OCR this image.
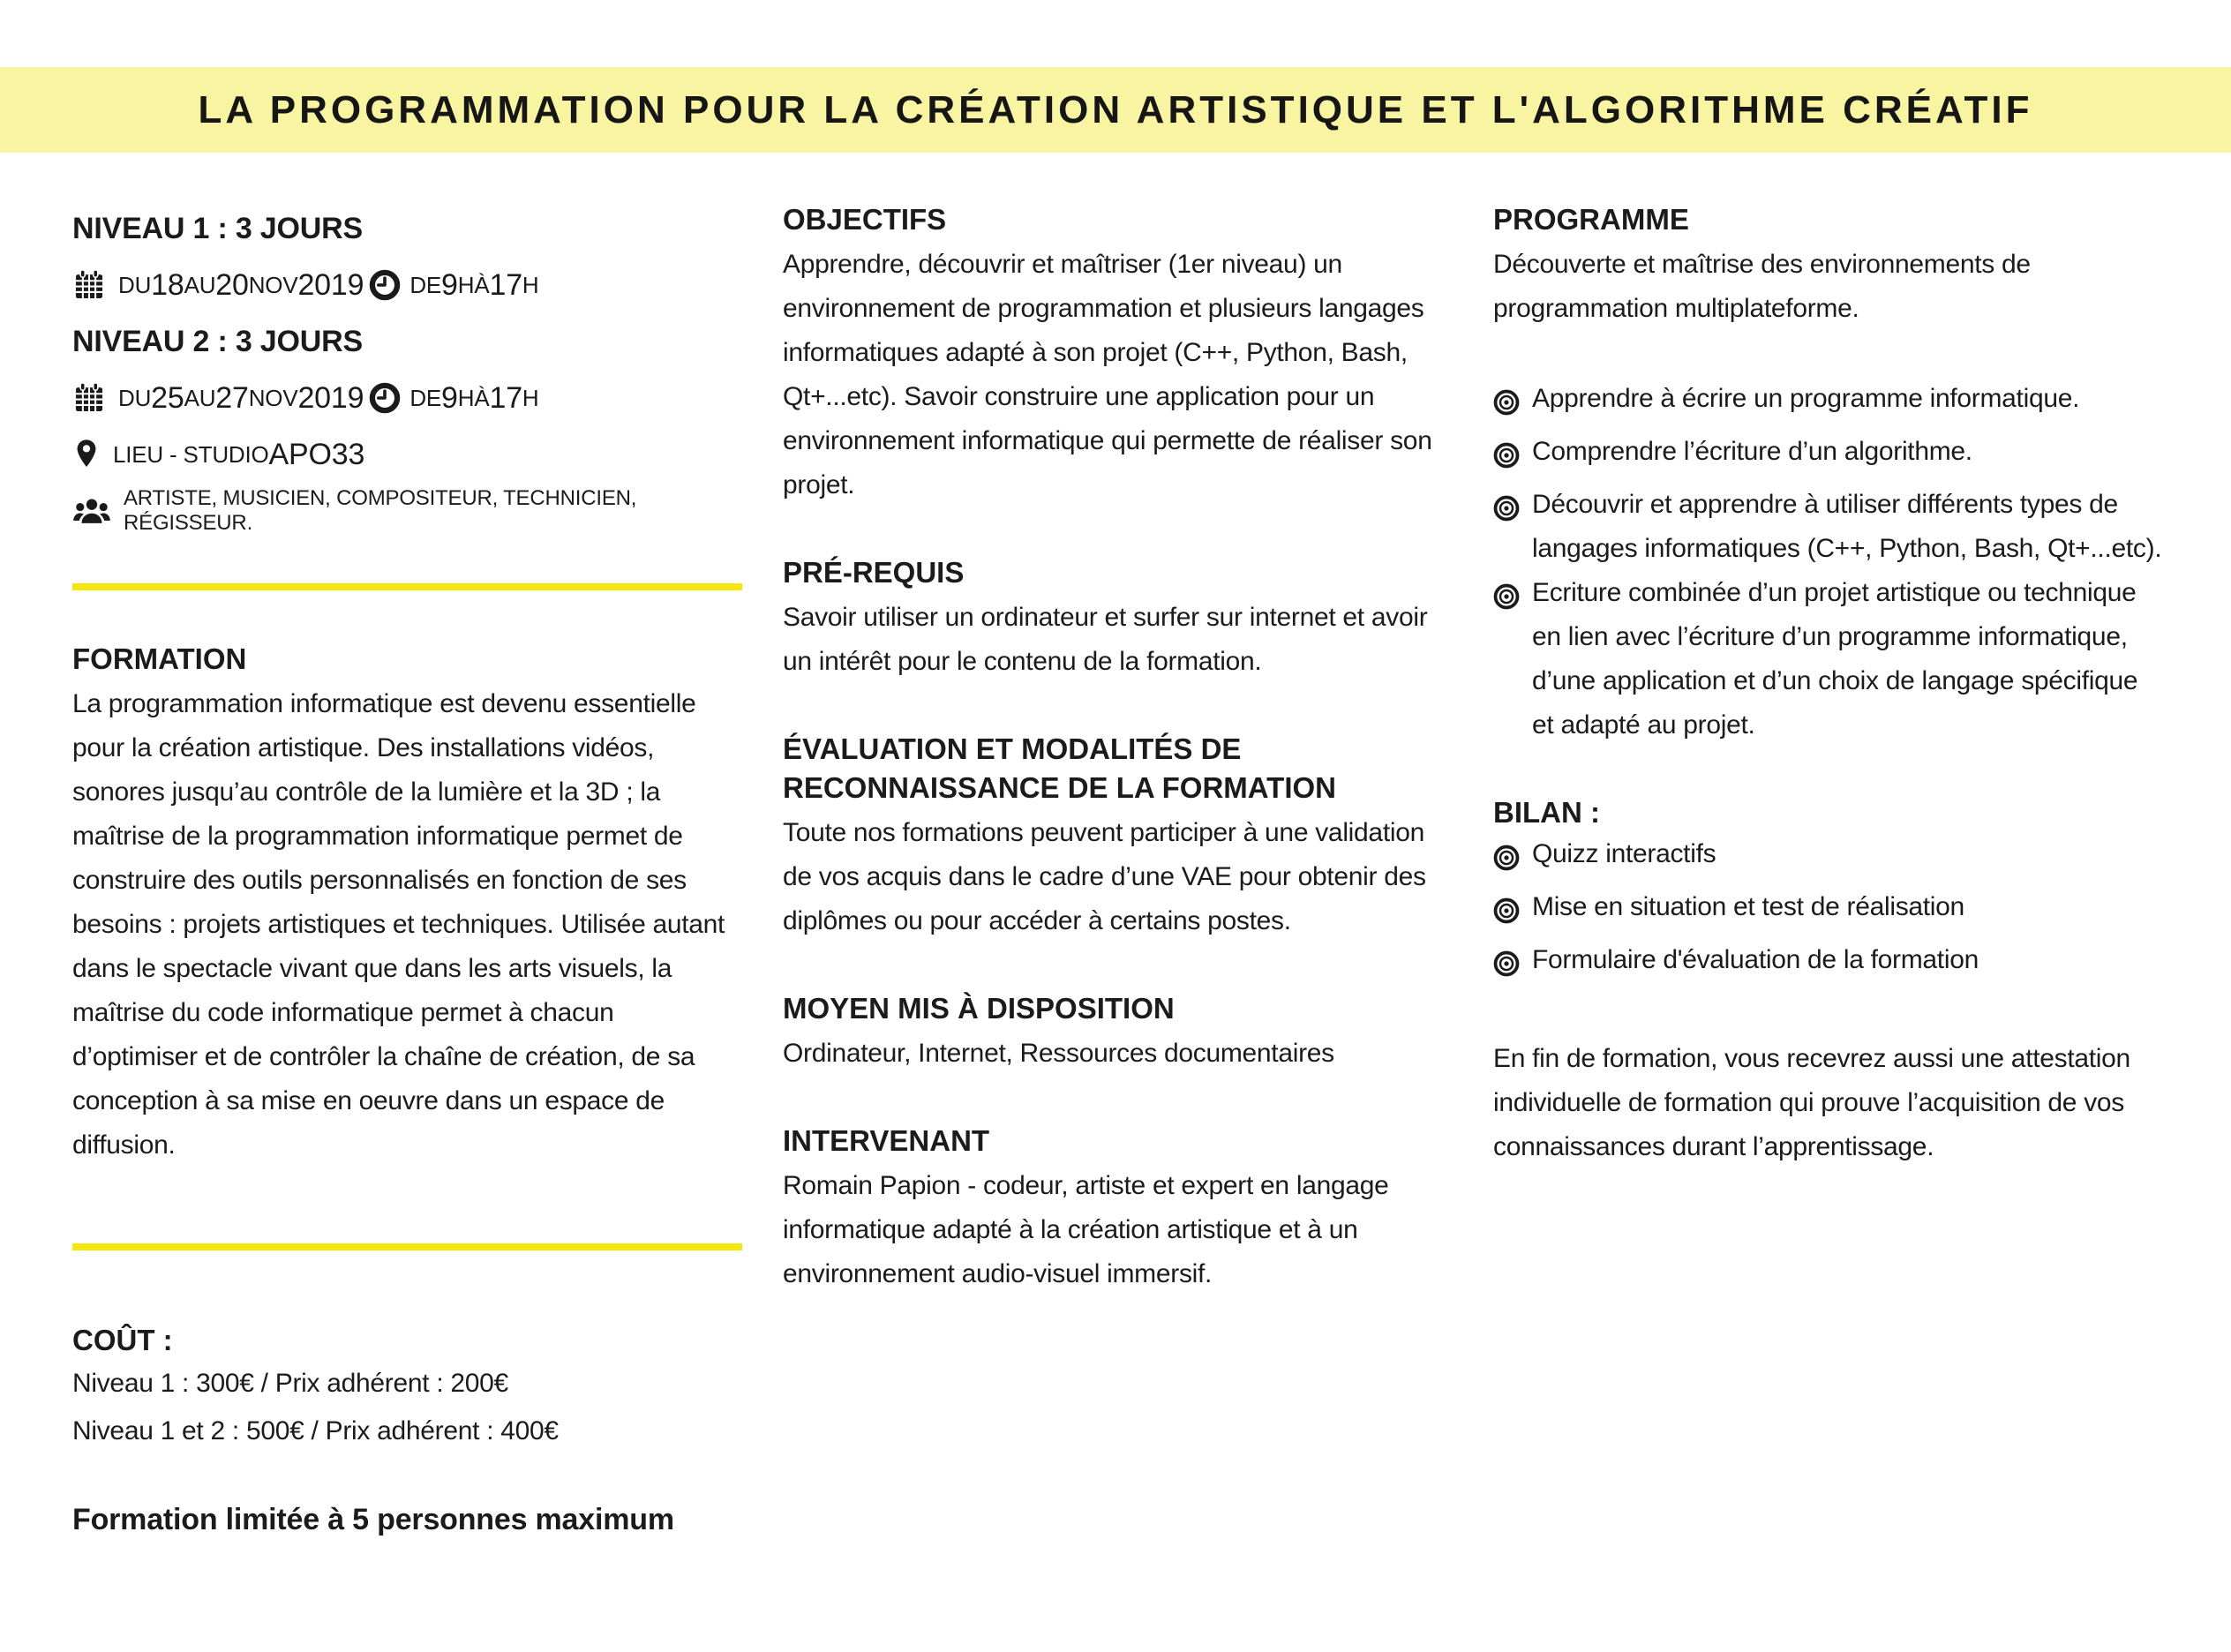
LA PROGRAMMATION POUR LA CRÉATION ARTISTIQUE ET L'ALGORITHME CRÉATIF
NIVEAU 1 : 3 JOURS
DU 18 AU 20 NOV 2019 DE 9 H À 17 H
NIVEAU 2 : 3 JOURS
DU 25 AU 27 NOV 2019 DE 9 H À 17 H
LIEU - STUDIO APO33
ARTISTE, MUSICIEN, COMPOSITEUR, TECHNICIEN, RÉGISSEUR.
FORMATION

La programmation informatique est devenu essentielle pour la création artistique. Des installations vidéos, sonores jusqu’au contrôle de la lumière et la 3D ; la maîtrise de la programmation informatique permet de construire des outils personnalisés en fonction de ses besoins : projets artistiques et techniques. Utilisée autant dans le spectacle vivant que dans les arts visuels, la maîtrise du code informatique permet à chacun d’optimiser et de contrôler la chaîne de création, de sa conception à sa mise en oeuvre dans un espace de diffusion.

COÛT :
Niveau 1 : 300€ / Prix adhérent : 200€
Niveau 1 et 2 : 500€ / Prix adhérent : 400€
Formation limitée à 5 personnes maximum
OBJECTIFS

Apprendre, découvrir et maîtriser (1er niveau) un environnement de programmation et plusieurs langages informatiques adapté à son projet (C++, Python, Bash, Qt+...etc). Savoir construire une application pour un environnement informatique qui permette de réaliser son projet.

PRÉ-REQUIS

Savoir utiliser un ordinateur et surfer sur internet et avoir un intérêt pour le contenu de la formation.

ÉVALUATION ET MODALITÉS DE RECONNAISSANCE DE LA FORMATION

Toute nos formations peuvent participer à une validation de vos acquis dans le cadre d’une VAE pour obtenir des diplômes ou pour accéder à certains postes.

MOYEN MIS À DISPOSITION

Ordinateur, Internet, Ressources documentaires

INTERVENANT

Romain Papion - codeur, artiste et expert en langage informatique adapté à la création artistique et à un environnement audio-visuel immersif.

PROGRAMME

Découverte et maîtrise des environnements de programmation multiplateforme.

Apprendre à écrire un programme informatique.
Comprendre l’écriture d’un algorithme.
Découvrir et apprendre à utiliser différents types de langages informatiques (C++, Python, Bash, Qt+...etc).
Ecriture combinée d’un projet artistique ou technique en lien avec l’écriture d’un programme informatique, d’une application et d’un choix de langage spécifique et adapté au projet.
BILAN :
Quizz interactifs
Mise en situation et test de réalisation
Formulaire d'évaluation de la formation

En fin de formation, vous recevrez aussi une attestation individuelle de formation qui prouve l’acquisition de vos connaissances durant l’apprentissage.
